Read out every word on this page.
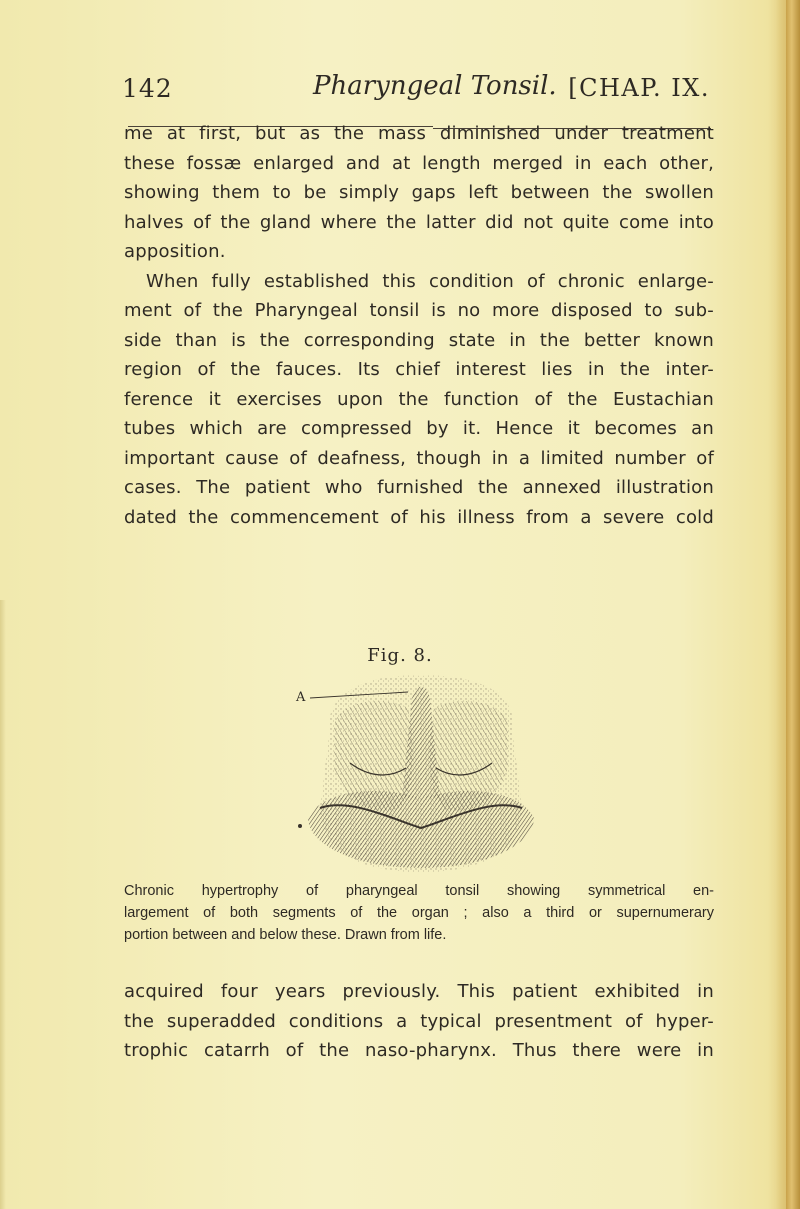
142	Pharyngeal Tonsil. [CHAP. IX.
me at first, but as the mass diminished under treatment
these fossæ enlarged and at length merged in each other,
showing them to be simply gaps left between the swollen
halves of the gland where the latter did not quite come into
apposition.
When fully established this condition of chronic enlarge-
ment of the Pharyngeal tonsil is no more disposed to sub-
side than is the corresponding state in the better known
region of the fauces. Its chief interest lies in the inter-
ference it exercises upon the function of the Eustachian
tubes which are compressed by it. Hence it becomes an
important cause of deafness, though in a limited number of
cases. The patient who furnished the annexed illustration
dated the commencement of his illness from a severe cold
Fig. 8.
A
Chronic hypertrophy of pharyngeal tonsil showing symmetrical en-
largement of both segments of the organ ; also a third or supernumerary
portion between and below these. Drawn from life.
acquired four years previously. This patient exhibited in
the superadded conditions a typical presentment of hyper-
trophic catarrh of the naso-pharynx. Thus there were in
